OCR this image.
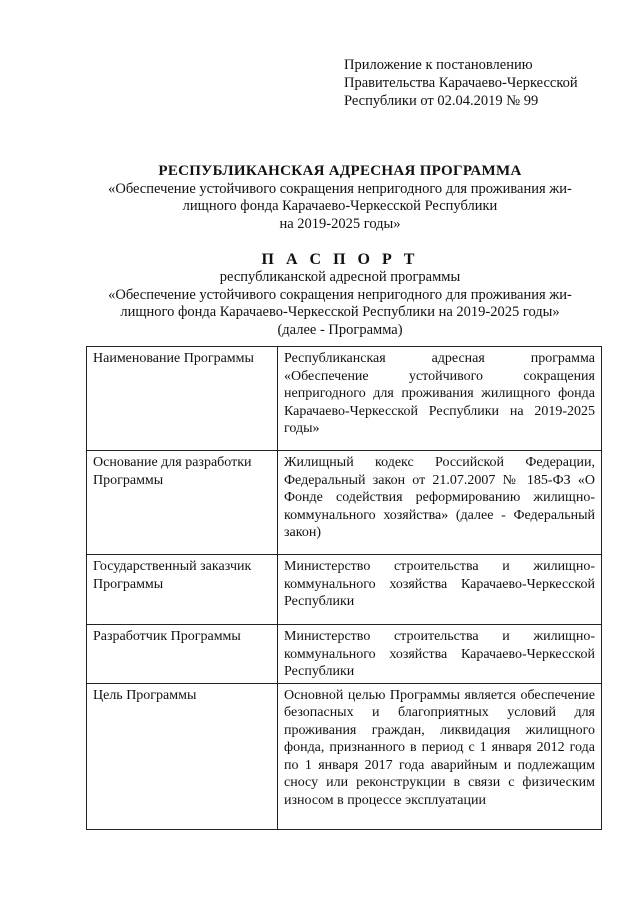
Приложение к постановлению
Правительства Карачаево-Черкесской
Республики от 02.04.2019 № 99
РЕСПУБЛИКАНСКАЯ АДРЕСНАЯ ПРОГРАММА
«Обеспечение устойчивого сокращения непригодного для проживания жи-
лищного фонда Карачаево-Черкесской Республики
на 2019-2025 годы»
П А С П О Р Т
республиканской адресной программы
«Обеспечение устойчивого сокращения непригодного для проживания жи-
лищного фонда Карачаево-Черкесской Республики на 2019-2025 годы»
(далее - Программа)
Наименование Программы	Республиканская адресная программа «Обеспечение устойчивого сокращения непригодного для проживания жилищного фонда Карачаево-Черкесской Республики на 2019-2025 годы»
Основание для разработки Программы	Жилищный кодекс Российской Федерации, Федеральный закон от 21.07.2007 № 185-ФЗ «О Фонде содействия реформированию жилищно-коммунального хозяйства» (далее - Федеральный закон)
Государственный заказчик Программы	Министерство строительства и жилищно-коммунального хозяйства Карачаево-Черкесской Республики
Разработчик Программы	Министерство строительства и жилищно-коммунального хозяйства Карачаево-Черкесской Республики
Цель Программы	Основной целью Программы является обеспечение безопасных и благоприятных условий для проживания граждан, ликвидация жилищного фонда, признанного в период с 1 января 2012 года по 1 января 2017 года аварийным и подлежащим сносу или реконструкции в связи с физическим износом в процессе эксплуатации
